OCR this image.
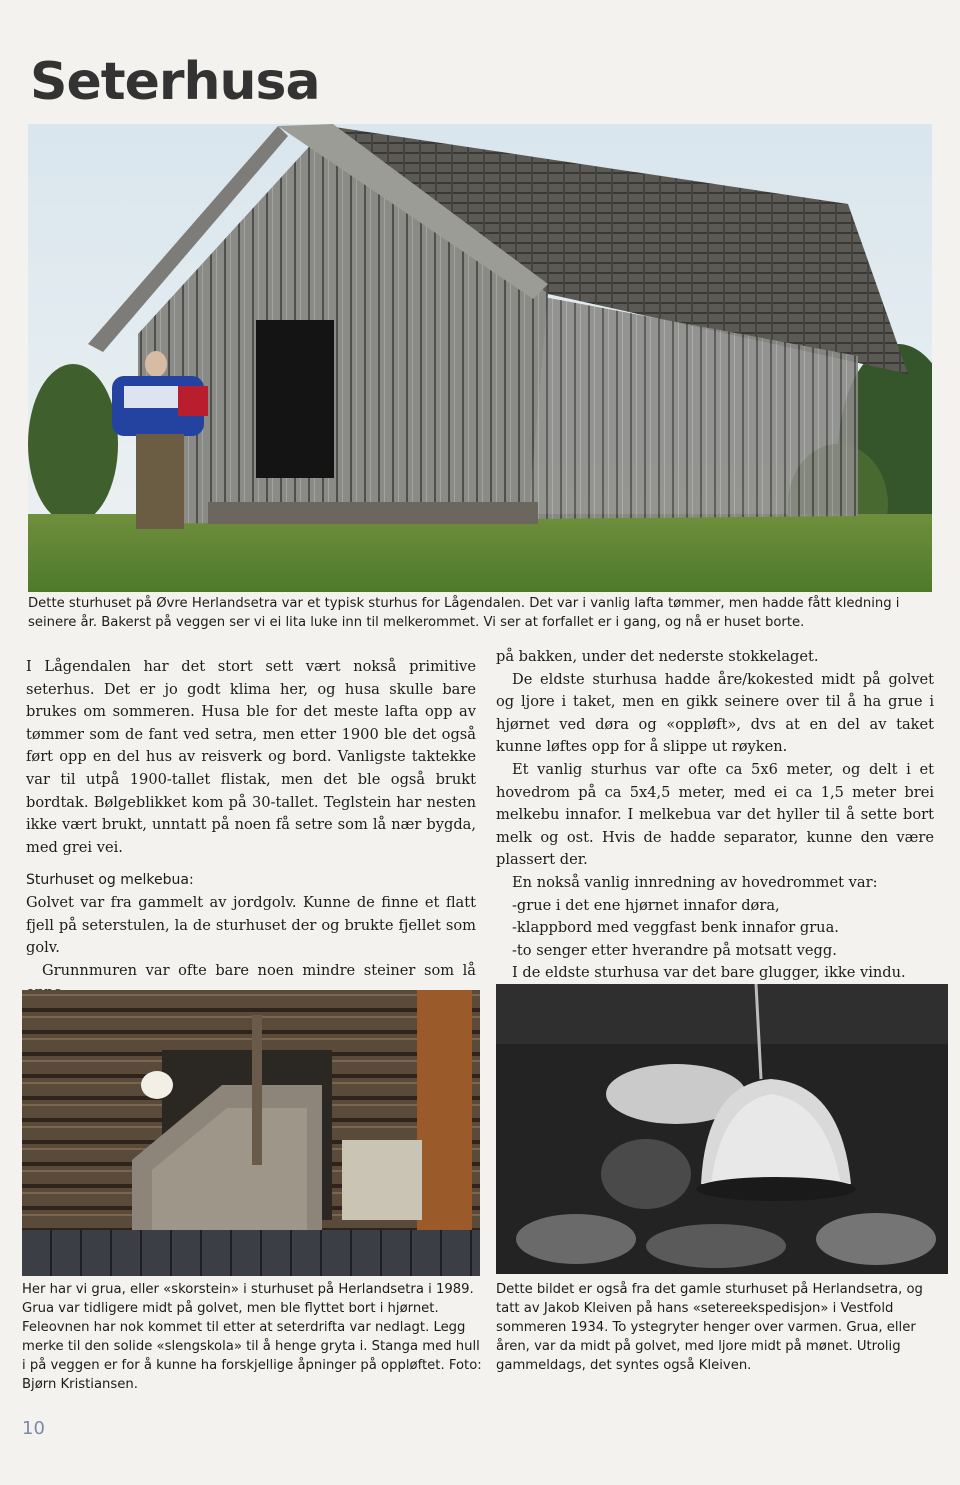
Seterhusa

Dette sturhuset på Øvre Herlandsetra var et typisk sturhus for Lågendalen. Det var i vanlig lafta tømmer, men hadde fått kledning i seinere år. Bakerst på veggen ser vi ei lita luke inn til melkerommet. Vi ser at forfallet er i gang, og nå er huset borte.

I Lågendalen har det stort sett vært nokså primitive seterhus. Det er jo godt klima her, og husa skulle bare brukes om sommeren. Husa ble for det meste lafta opp av tømmer som de fant ved setra, men etter 1900 ble det også ført opp en del hus av reisverk og bord. Vanligste taktekke var til utpå 1900-tallet flistak, men det ble også brukt bordtak. Bølgeblikket kom på 30-tallet. Teglstein har nesten ikke vært brukt, unntatt på noen få setre som lå nær bygda, med grei vei.

Sturhuset og melkebua:

Golvet var fra gammelt av jordgolv. Kunne de finne et flatt fjell på seterstulen, la de sturhuset der og brukte fjellet som golv.

Grunnmuren var ofte bare noen mindre steiner som lå

på bakken, under det nederste stokkelaget.

De eldste sturhusa hadde åre/kokested midt på golvet og ljore i taket, men en gikk seinere over til å ha grue i hjørnet ved døra og «oppløft», dvs at en del av taket kunne løftes opp for å slippe ut røyken.

Et vanlig sturhus var ofte ca 5x6 meter, og delt i et hovedrom på ca 5x4,5 meter, med ei ca 1,5 meter brei melkebu innafor. I melkebua var det hyller til å sette bort melk og ost. Hvis de hadde separator, kunne den være plassert der.

En nokså vanlig innredning av hovedrommet var:

-grue i det ene hjørnet innafor døra,

-klappbord med veggfast benk innafor grua.

-to senger etter hverandre på motsatt vegg.

I de eldste sturhusa var det bare glugger, ikke vindu.

Her har vi grua, eller «skorstein» i sturhuset på Herlandsetra i 1989. Grua var tidligere midt på golvet, men ble flyttet bort i hjørnet. Feleovnen har nok kommet til etter at seterdrifta var nedlagt. Legg merke til den solide «slengskola» til å henge gryta i. Stanga med hull i på veggen er for å kunne ha forskjellige åpninger på oppløftet. Foto: Bjørn Kristiansen.

Dette bildet er også fra det gamle sturhuset på Herlandsetra, og tatt av Jakob Kleiven på hans «setereekspedisjon» i Vestfold sommeren 1934. To ystegryter henger over varmen. Grua, eller åren, var da midt på golvet, med ljore midt på mønet. Utrolig gammeldags, det syntes også Kleiven.

10
